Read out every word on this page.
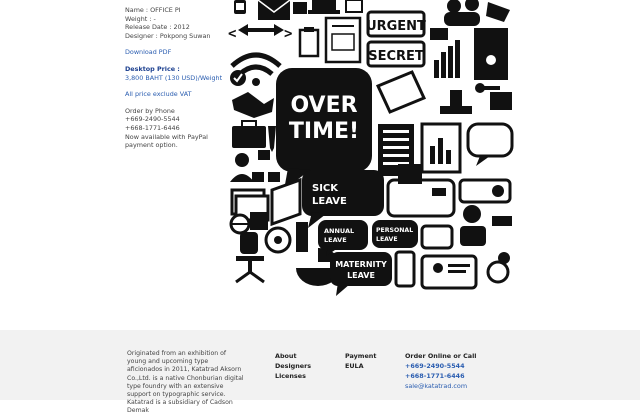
Name : OFFICE PI
Weight : -
Release Date : 2012
Designer : Pokpong Suwan
Download PDF
Desktop Price :
3,800 BAHT (130 USD)/Weight
All price exclude VAT
Order by Phone
+669-2490-5544
+668-1771-6446
Now available with PayPal
payment option.
URGENT
<	>
SECRET
OVER
TIME!
SICK
LEAVE
ANNUAL
LEAVE
PERSONAL
LEAVE
MATERNITY
LEAVE

Originated from an exhibition of young and upcoming type aficionados in 2011, Katatrad Aksorn Co.,Ltd. is a native Chonburian digital type foundry with an extensive support on typographic service. Katatrad is a subsidiary of Cadson Demak

About
Designers
Licenses
Payment
EULA
Order Online or Call
+669-2490-5544
+668-1771-6446
sale@katatrad.com
